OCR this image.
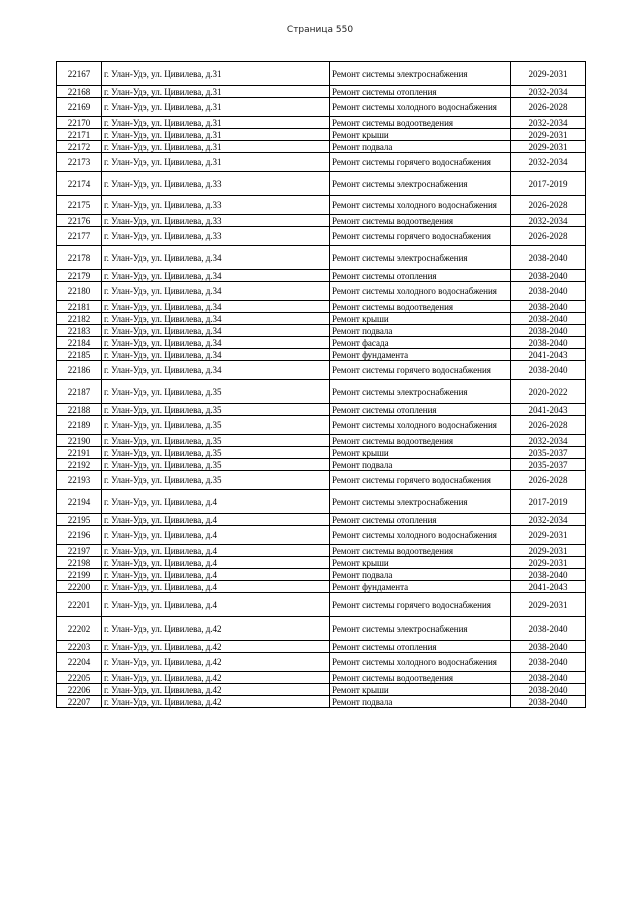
Страница 550
22167	г. Улан-Удэ, ул. Цивилева, д.31	Ремонт системы электроснабжения	2029-2031
22168	г. Улан-Удэ, ул. Цивилева, д.31	Ремонт системы отопления	2032-2034
22169	г. Улан-Удэ, ул. Цивилева, д.31	Ремонт системы холодного водоснабжения	2026-2028
22170	г. Улан-Удэ, ул. Цивилева, д.31	Ремонт системы водоотведения	2032-2034
22171	г. Улан-Удэ, ул. Цивилева, д.31	Ремонт крыши	2029-2031
22172	г. Улан-Удэ, ул. Цивилева, д.31	Ремонт подвала	2029-2031
22173	г. Улан-Удэ, ул. Цивилева, д.31	Ремонт системы горячего водоснабжения	2032-2034
22174	г. Улан-Удэ, ул. Цивилева, д.33	Ремонт системы электроснабжения	2017-2019
22175	г. Улан-Удэ, ул. Цивилева, д.33	Ремонт системы холодного водоснабжения	2026-2028
22176	г. Улан-Удэ, ул. Цивилева, д.33	Ремонт системы водоотведения	2032-2034
22177	г. Улан-Удэ, ул. Цивилева, д.33	Ремонт системы горячего водоснабжения	2026-2028
22178	г. Улан-Удэ, ул. Цивилева, д.34	Ремонт системы электроснабжения	2038-2040
22179	г. Улан-Удэ, ул. Цивилева, д.34	Ремонт системы отопления	2038-2040
22180	г. Улан-Удэ, ул. Цивилева, д.34	Ремонт системы холодного водоснабжения	2038-2040
22181	г. Улан-Удэ, ул. Цивилева, д.34	Ремонт системы водоотведения	2038-2040
22182	г. Улан-Удэ, ул. Цивилева, д.34	Ремонт крыши	2038-2040
22183	г. Улан-Удэ, ул. Цивилева, д.34	Ремонт подвала	2038-2040
22184	г. Улан-Удэ, ул. Цивилева, д.34	Ремонт фасада	2038-2040
22185	г. Улан-Удэ, ул. Цивилева, д.34	Ремонт фундамента	2041-2043
22186	г. Улан-Удэ, ул. Цивилева, д.34	Ремонт системы горячего водоснабжения	2038-2040
22187	г. Улан-Удэ, ул. Цивилева, д.35	Ремонт системы электроснабжения	2020-2022
22188	г. Улан-Удэ, ул. Цивилева, д.35	Ремонт системы отопления	2041-2043
22189	г. Улан-Удэ, ул. Цивилева, д.35	Ремонт системы холодного водоснабжения	2026-2028
22190	г. Улан-Удэ, ул. Цивилева, д.35	Ремонт системы водоотведения	2032-2034
22191	г. Улан-Удэ, ул. Цивилева, д.35	Ремонт крыши	2035-2037
22192	г. Улан-Удэ, ул. Цивилева, д.35	Ремонт подвала	2035-2037
22193	г. Улан-Удэ, ул. Цивилева, д.35	Ремонт системы горячего водоснабжения	2026-2028
22194	г. Улан-Удэ, ул. Цивилева, д.4	Ремонт системы электроснабжения	2017-2019
22195	г. Улан-Удэ, ул. Цивилева, д.4	Ремонт системы отопления	2032-2034
22196	г. Улан-Удэ, ул. Цивилева, д.4	Ремонт системы холодного водоснабжения	2029-2031
22197	г. Улан-Удэ, ул. Цивилева, д.4	Ремонт системы водоотведения	2029-2031
22198	г. Улан-Удэ, ул. Цивилева, д.4	Ремонт крыши	2029-2031
22199	г. Улан-Удэ, ул. Цивилева, д.4	Ремонт подвала	2038-2040
22200	г. Улан-Удэ, ул. Цивилева, д.4	Ремонт фундамента	2041-2043
22201	г. Улан-Удэ, ул. Цивилева, д.4	Ремонт системы горячего водоснабжения	2029-2031
22202	г. Улан-Удэ, ул. Цивилева, д.42	Ремонт системы электроснабжения	2038-2040
22203	г. Улан-Удэ, ул. Цивилева, д.42	Ремонт системы отопления	2038-2040
22204	г. Улан-Удэ, ул. Цивилева, д.42	Ремонт системы холодного водоснабжения	2038-2040
22205	г. Улан-Удэ, ул. Цивилева, д.42	Ремонт системы водоотведения	2038-2040
22206	г. Улан-Удэ, ул. Цивилева, д.42	Ремонт крыши	2038-2040
22207	г. Улан-Удэ, ул. Цивилева, д.42	Ремонт подвала	2038-2040
